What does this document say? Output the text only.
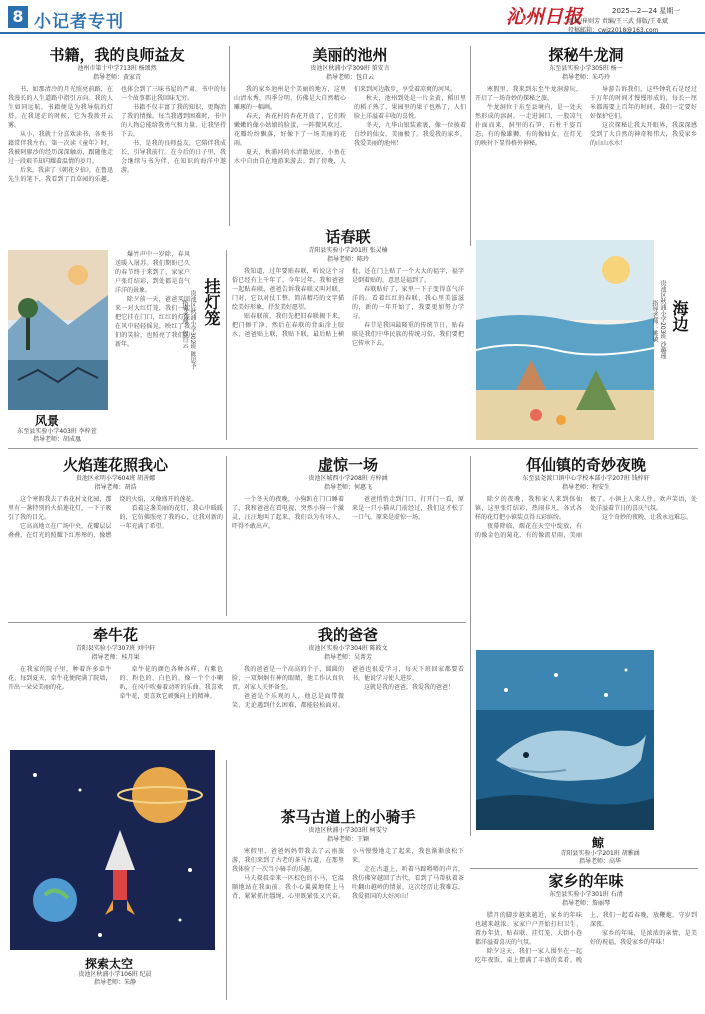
8 小记者专刊	沁州日报	2025—2—24 星期一
组稿/崔则芳 责编/王三武 排版/王亚斌
投稿邮箱：cwjz2018@163.com
书籍，我的良师益友
池州市第十中学713班 杨颂然
指导老师：黄家青

书，如那清冷的月光照亮前路，在我漫长的人生道路中指引方向。我的人生如同远航，书籍便是为我导航的灯塔。在我迷茫的时候，它为我拨开云雾。

从小，我就十分喜欢读书，各类书籍常伴我左右。第一次读《童年》时，我被阿廖沙的经历深深触动，跟随他走过一段艰辛却闪耀着温情的岁月。

后来，我读了《朝花夕拾》，在鲁迅先生的笔下，我看到了百草园的乐趣，也体会到了三味书屋的严肃。书中的每一个故事都让我回味无穷。

书籍不仅丰富了我的知识，更陶冶了我的情操。每当我遇到困难时，书中的人物总能给我勇气和力量，让我坚持下去。

书，是我的良师益友，它陪伴我成长，引导我前行。在今后的日子里，我会继续与书为伴，在知识的海洋中遨游。

美丽的池州
贵池区秋浦小学309班 董安言
指导老师：包自云

我的家乡池州是个美丽的地方，这里山清水秀，四季分明，仿佛是大自然精心雕琢的一幅画。

春天，杏花村的杏花开放了，它们粉嫩嫩的像小姑娘的脸蛋，一阵微风吹过，花瓣纷纷飘落，好像下了一场美丽的花雨。

夏天，秋浦河的水清澈见底，小鱼在水中自由自在地游来游去。到了傍晚，人们来到河边散步，享受着凉爽的河风。

秋天，池州到处是一片金黄，稻田里的稻子熟了，果园里的果子也熟了，人们脸上洋溢着丰收的喜悦。

冬天，九华山银装素裹，像一位披着白纱的仙女，美丽极了。我爱我的家乡，我爱美丽的池州！

探秘牛龙洞
东至县实验小学305班 杨一
指导老师：朱巧玲

寒假里，我来到东至牛龙洞游玩，开启了一场奇妙的探秘之旅。

牛龙洞位于东至县境内，是一处天然形成的溶洞。一走进洞口，一股凉气扑面而来，洞里的石笋、石柱千姿百态，有的像雄狮，有的像仙女，在灯光的映衬下显得格外神秘。

导游告诉我们，这些钟乳石是经过千万年的时间才慢慢形成的，每长一厘米都需要上百年的时间，我们一定要好好保护它们。

这次探秘让我大开眼界，我深深感受到了大自然的神奇和伟大，我爱家乡的山山水水！

风景
东至县实验小学403班 李梓萱
指导老师：胡成凰

爆竹声中一岁除，春风送暖入屠苏。我们期盼已久的春节终于来到了，家家户户张灯结彩，到处都是喜气洋洋的景象。

除夕前一天，爸爸买回来一对大红灯笼，我们一起把它挂在门口，红红的灯笼在风中轻轻摇晃，映红了我们的笑脸，也照亮了我们的新年。

挂灯笼
贵池区秋浦小学302班 陈思予
指导老师：包自云
话春联
青阳县实验小学201班 张灵楠
指导老师：陈玲

我知道，过年要贴春联，听说这个习俗已经有上千年了。今年过年，我和爸爸一起贴春联，爸爸告诉我春联又叫对联、门对，它以对仗工整、简洁精巧的文字描绘美好形象，抒发美好愿望。

贴春联前，我们先把旧春联揭下来，把门擦干净，然后在春联的背面涂上胶水，爸爸贴上联，我贴下联，最后贴上横批，还在门上贴了一个大大的福字，福字是倒着贴的，意思是福到了。

春联贴好了，家里一下子变得喜气洋洋的。看着红红的春联，我心里美滋滋的，新的一年开始了，我要更加努力学习。

春节是我国最隆重的传统节日，贴春联是我们中华民族的传统习俗，我们要把它传承下去。

海边
贵池区秋浦小学203班 沙璐瑶
指导老师：姚敏
火焰莲花照我心
贵池区永明小学604班 胡善娜
指导老师：胡浩

这个寒假我去了杏花村文化园，那里有一盏特别的火焰莲花灯，一下子吸引了我的目光。

它高高地立在广场中央，花瓣层层叠叠，在灯光的照耀下红彤彤的，像燃烧的火焰，又像盛开的莲花。

看着这盏美丽的花灯，我心中暖暖的，它仿佛照亮了我的心，让我对新的一年充满了希望。

虚惊一场
贵池区城西小学208班 方梓涵
指导老师：何惠飞

一个冬天的夜晚，小狗趴在门口睡着了，我和爸爸在看电视，突然小狗一个激灵，汪汪地叫了起来，我们以为有坏人，吓得不敢出声。

爸爸悄悄走到门口，打开门一看，原来是一只小猫从门前经过，我们这才松了一口气，原来是虚惊一场。

佴仙镇的奇妙夜晚
东至县尧渡口镇中心学校本部小学207班 钱梓轩
指导老师：程安生

除夕的夜晚，我和家人来到佴仙镇，这里张灯结彩，热闹非凡，各式各样的花灯把小镇装点得五彩缤纷。

夜幕降临，烟花在天空中绽放，有的像金色的菊花，有的像流星雨，美丽极了。小镇上人来人往，欢声笑语，处处洋溢着节日的喜庆气氛。

这个奇妙的夜晚，让我永远难忘。

牵牛花
青阳县实验小学307班 刘中轩
指导老师：桂月果

在我家的院子里，种着许多牵牛花，每到夏天，牵牛花便爬满了院墙，开出一朵朵美丽的花。

牵牛花的颜色各种各样，有紫色的、粉色的、白色的，像一个个小喇叭，在风中吹奏着动听的乐曲。我喜欢牵牛花，更喜欢它顽强向上的精神。

我的爸爸
贵池区实验小学304班 陈筱文
指导老师：吴菁芳

我的爸爸是一个高高的个子，圆圆的脸，一双炯炯有神的眼睛，他工作认真负责，对家人关怀备至。

爸爸是个乐观的人，他总是面带微笑，无论遇到什么困难，都能轻松面对。爸爸也很爱学习，每天下班回家都要看书，他说学习使人进步。

这就是我的爸爸，我爱我的爸爸！

鲸
青阳县实验小学201班 胡雅涵
指导老师：高华
探索太空
贵池区秋浦小学106班 纪晨
指导老师：朱静
茶马古道上的小骑手
贵池区秋浦小学303班 柯雯兮
指导老师：王颖

寒假里，爸爸妈妈带我去了云南旅游，我们来到了古老的茶马古道，在那里我体验了一次当小骑手的乐趣。

马夫叔叔牵来一匹棕色的小马，它温顺地站在我面前。我小心翼翼地爬上马背，紧紧抓住缰绳，心里既紧张又兴奋。小马慢慢地走了起来，我也渐渐放松下来。

走在古道上，听着马蹄嘚嘚的声音，我仿佛穿越回了古代，看到了马帮驮着茶叶翻山越岭的情景。这次经历让我难忘，我爱祖国的大好河山！

家乡的年味
东至县实验小学301班 石清
指导老师：詹丽琴

腊月的脚步越来越近，家乡的年味也越来越浓。家家户户开始打扫卫生、置办年货、贴春联、挂灯笼，大街小巷都洋溢着喜庆的气氛。

除夕这天，我们一家人围坐在一起吃年夜饭，桌上摆满了丰盛的菜肴。晚上，我们一起看春晚，放鞭炮，守岁到深夜。

家乡的年味，是浓浓的亲情，是美好的祝福，我爱家乡的年味！
